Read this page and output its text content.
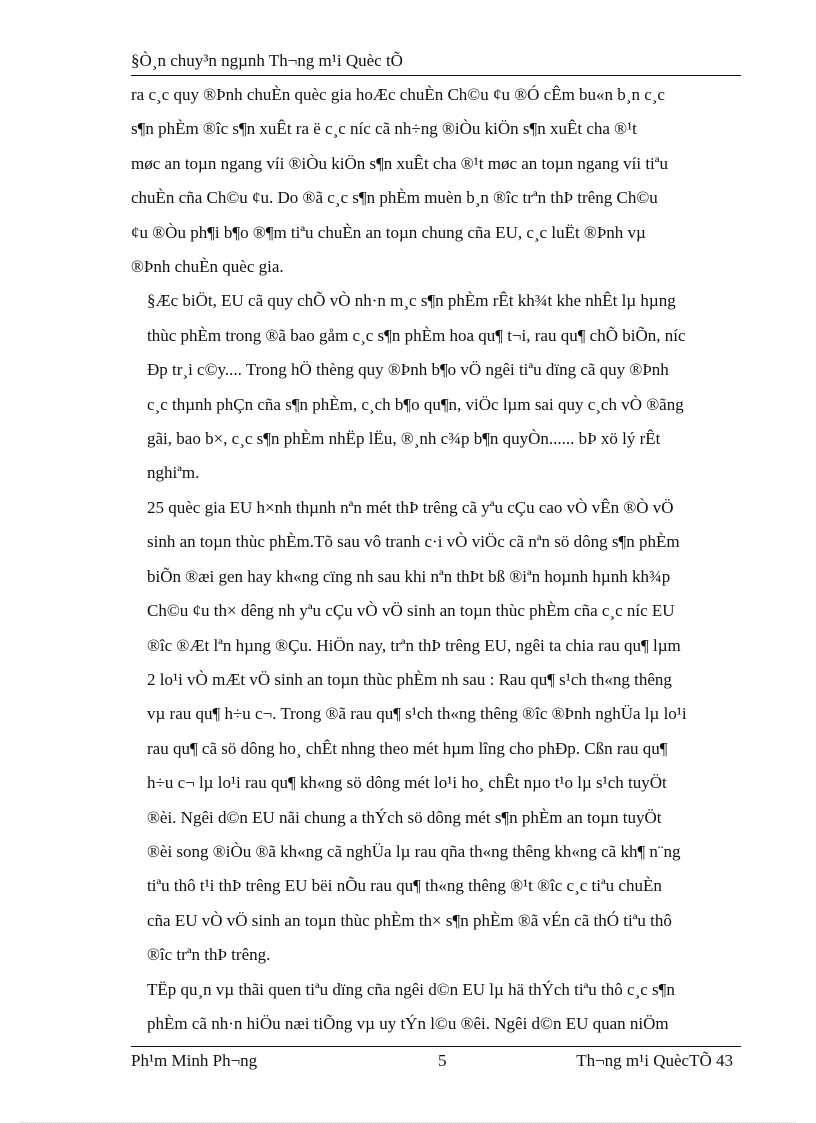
§Ò¸n chuy³n ngµnh Th¬ng m¹i Quèc tÕ

ra c¸c quy ®Þnh chuÈn quèc gia hoÆc chuÈn Ch©u ¢u ®Ó cÊm bu«n b¸n c¸c
s¶n phÈm ®îc s¶n xuÊt ra ë c¸c níc cã nh÷ng ®iÒu kiÖn s¶n xuÊt cha ®¹t
møc an toµn ngang víi ®iÒu kiÖn s¶n xuÊt cha ®¹t møc an toµn ngang víi tiªu
chuÈn cña Ch©u ¢u. Do ®ã c¸c s¶n phÈm muèn b¸n ®îc trªn thÞ trêng Ch©u
¢u ®Òu ph¶i b¶o ®¶m tiªu chuÈn an toµn chung cña EU, c¸c luËt ®Þnh vµ
®Þnh chuÈn quèc gia.

§Æc biÖt, EU cã quy chÕ vÒ nh·n m¸c s¶n phÈm rÊt kh¾t khe nhÊt lµ hµng
thùc phÈm trong ®ã bao gåm c¸c s¶n phÈm hoa qu¶ t¬i, rau qu¶ chÕ biÕn, níc
Ðp tr¸i c©y.... Trong hÖ thèng quy ®Þnh b¶o vÖ ngêi tiªu dïng cã quy ®Þnh
c¸c thµnh phÇn cña s¶n phÈm, c¸ch b¶o qu¶n, viÖc lµm sai quy c¸ch vÒ ®ãng
gãi, bao b×, c¸c s¶n phÈm nhËp lËu, ®¸nh c¾p b¶n quyÒn...... bÞ xö lý rÊt
nghiªm.

25 quèc gia EU h×nh thµnh nªn mét thÞ trêng cã yªu cÇu cao vÒ vÊn ®Ò vÖ
sinh an toµn thùc phÈm.Tõ sau vô tranh c·i vÒ viÖc cã nªn sö dông s¶n phÈm
biÕn ®æi gen hay kh«ng cïng nh sau khi nªn thÞt bß ®iªn hoµnh hµnh kh¾p
Ch©u ¢u th× dêng nh yªu cÇu vÒ vÖ sinh an toµn thùc phÈm cña c¸c níc EU
®îc ®Æt lªn hµng ®Çu. HiÖn nay, trªn thÞ trêng EU, ngêi ta chia rau qu¶ lµm
2 lo¹i vÒ mÆt vÖ sinh an toµn thùc phÈm nh sau : Rau qu¶ s¹ch th«ng thêng
vµ rau qu¶ h÷u c¬. Trong ®ã rau qu¶ s¹ch th«ng thêng ®îc ®Þnh nghÜa lµ lo¹i
rau qu¶ cã sö dông ho¸ chÊt nhng theo mét hµm lîng cho phÐp. Cßn rau qu¶
h÷u c¬ lµ lo¹i rau qu¶ kh«ng sö dông mét lo¹i ho¸ chÊt nµo t¹o lµ s¹ch tuyÖt
®èi. Ngêi d©n EU nãi chung a thÝch sö dông mét s¶n phÈm an toµn tuyÖt
®èi song ®iÒu ®ã kh«ng cã nghÜa lµ rau qña th«ng thêng kh«ng cã kh¶ n¨ng
tiªu thô t¹i thÞ trêng EU bëi nÕu rau qu¶ th«ng thêng ®¹t ®îc c¸c tiªu chuÈn
cña EU vÒ vÖ sinh an toµn thùc phÈm th× s¶n phÈm ®ã vÉn cã thÓ tiªu thô
®îc trªn thÞ trêng.

TËp qu¸n vµ thãi quen tiªu dïng cña ngêi d©n EU lµ hä thÝch tiªu thô c¸c s¶n
phÈm cã nh·n hiÖu næi tiÕng vµ uy tÝn l©u ®êi. Ngêi d©n EU quan niÖm

Ph¹m Minh Ph¬ng	5	Th¬ng m¹i QuècTÕ 43
